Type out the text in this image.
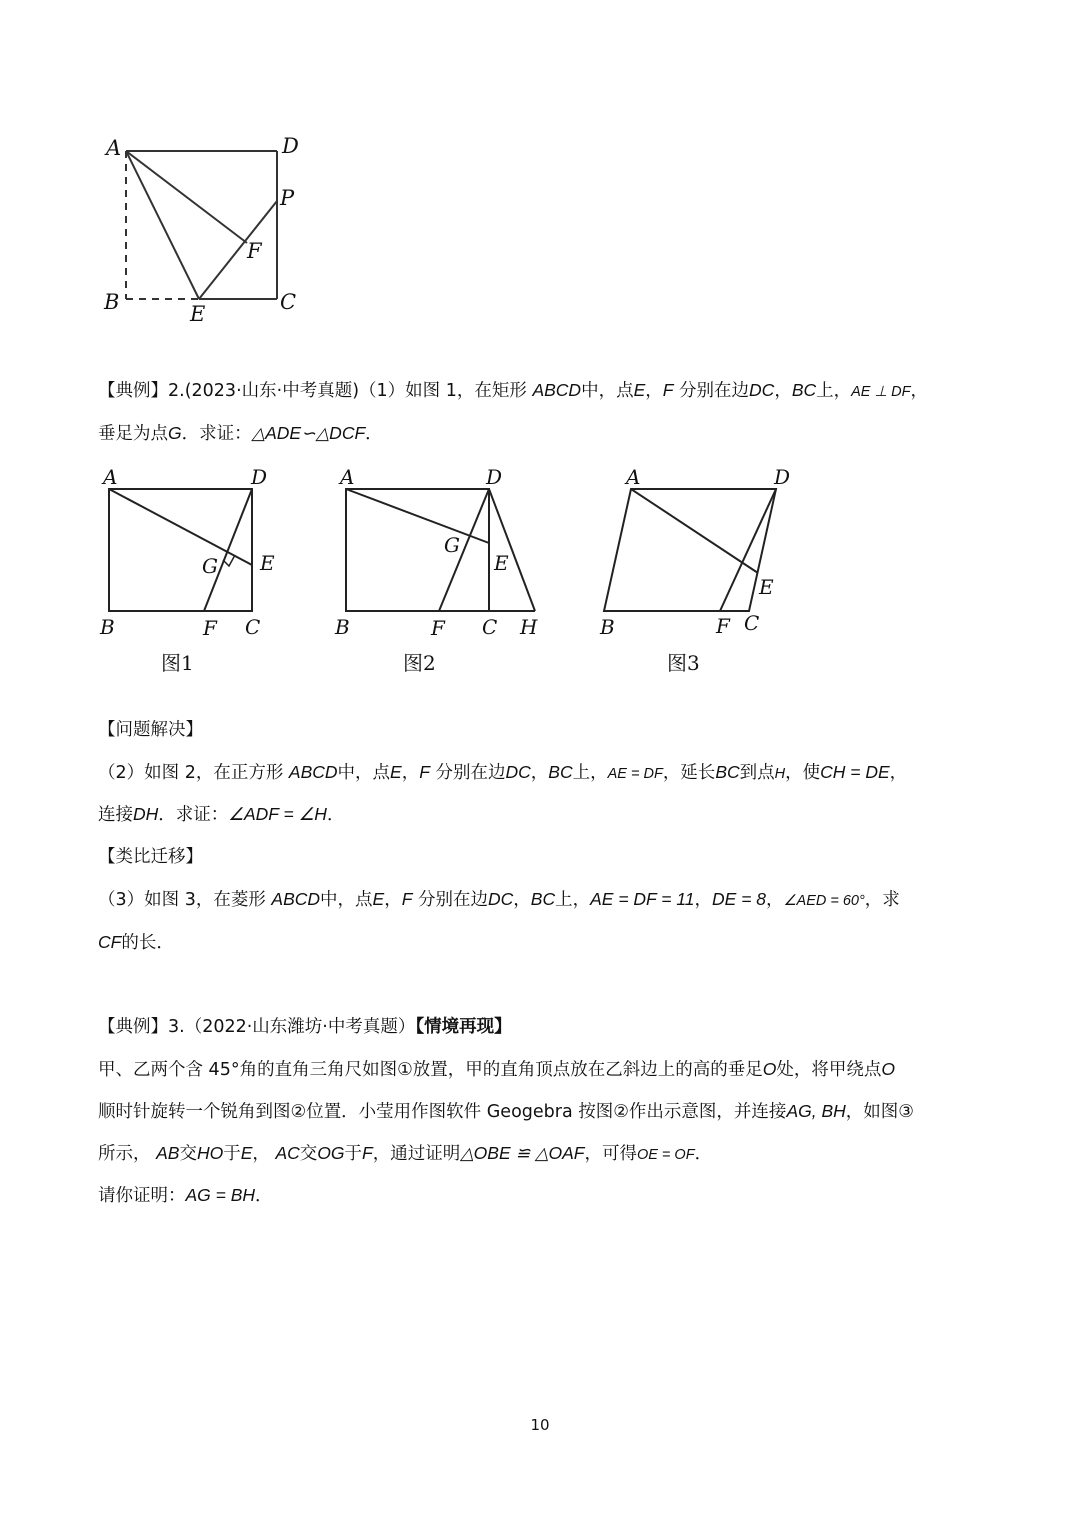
A	D
P
F
B	E	C
【典例】2.(2023·山东·中考真题)（1）如图 1，在矩形 ABCD中，点E，F 分别在边DC，BC上，AE ⊥ DF，
垂足为点G．求证：△ADE∽△DCF．
A	D
G E
B	F C
图1
A	D
G
E
B	F C H
图2
A	D
E
B	F C
图3
【问题解决】
（2）如图 2，在正方形 ABCD中，点E，F 分别在边DC，BC上，AE = DF，延长BC到点H，使CH = DE，
连接DH．求证：∠ADF = ∠H．
【类比迁移】
（3）如图 3，在菱形 ABCD中，点E，F 分别在边DC，BC上，AE = DF = 11，DE = 8，∠AED = 60°，求
CF的长．
【典例】3.（2022·山东潍坊·中考真题）【情境再现】
甲、乙两个含 45°角的直角三角尺如图①放置，甲的直角顶点放在乙斜边上的高的垂足O处，将甲绕点O
顺时针旋转一个锐角到图②位置．小莹用作图软件 Geogebra 按图②作出示意图，并连接AG, BH，如图③
所示， AB交HO于E， AC交OG于F，通过证明△OBE ≌ △OAF，可得OE = OF．
请你证明：AG = BH．
10
